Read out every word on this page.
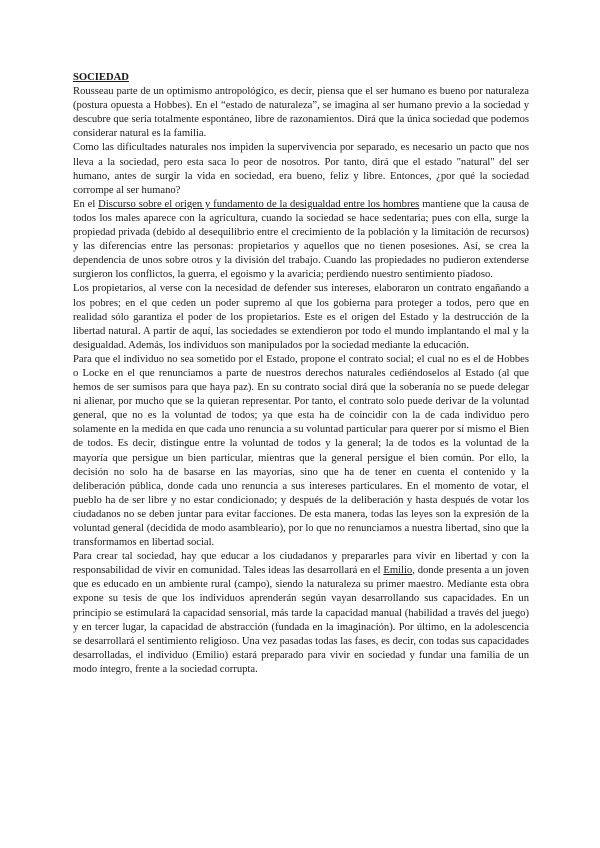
SOCIEDAD

Rousseau parte de un optimismo antropológico, es decir, piensa que el ser humano es bueno por naturaleza (postura opuesta a Hobbes). En el “estado de naturaleza”, se imagina al ser humano previo a la sociedad y descubre que sería totalmente espontáneo, libre de razonamientos. Dirá que la única sociedad que podemos considerar natural es la familia.

Como las dificultades naturales nos impiden la supervivencia por separado, es necesario un pacto que nos lleva a la sociedad, pero esta saca lo peor de nosotros. Por tanto, dirá que el estado "natural" del ser humano, antes de surgir la vida en sociedad, era bueno, feliz y libre. Entonces, ¿por qué la sociedad corrompe al ser humano?

En el Discurso sobre el origen y fundamento de la desigualdad entre los hombres mantiene que la causa de todos los males aparece con la agricultura, cuando la sociedad se hace sedentaria; pues con ella, surge la propiedad privada (debido al desequilibrio entre el crecimiento de la población y la limitación de recursos) y las diferencias entre las personas: propietarios y aquellos que no tienen posesiones. Así, se crea la dependencia de unos sobre otros y la división del trabajo. Cuando las propiedades no pudieron extenderse surgieron los conflictos, la guerra, el egoísmo y la avaricia; perdiendo nuestro sentimiento piadoso.

Los propietarios, al verse con la necesidad de defender sus intereses, elaboraron un contrato engañando a los pobres; en el que ceden un poder supremo al que los gobierna para proteger a todos, pero que en realidad sólo garantiza el poder de los propietarios. Este es el origen del Estado y la destrucción de la libertad natural. A partir de aquí, las sociedades se extendieron por todo el mundo implantando el mal y la desigualdad. Además, los individuos son manipulados por la sociedad mediante la educación.

Para que el individuo no sea sometido por el Estado, propone el contrato social; el cual no es el de Hobbes o Locke en el que renunciamos a parte de nuestros derechos naturales cediéndoselos al Estado (al que hemos de ser sumisos para que haya paz). En su contrato social dirá que la soberanía no se puede delegar ni alienar, por mucho que se la quieran representar. Por tanto, el contrato solo puede derivar de la voluntad general, que no es la voluntad de todos; ya que esta ha de coincidir con la de cada individuo pero solamente en la medida en que cada uno renuncia a su voluntad particular para querer por sí mismo el Bien de todos. Es decir, distingue entre la voluntad de todos y la general; la de todos es la voluntad de la mayoría que persigue un bien particular, mientras que la general persigue el bien común. Por ello, la decisión no solo ha de basarse en las mayorías, sino que ha de tener en cuenta el contenido y la deliberación pública, donde cada uno renuncia a sus intereses particulares. En el momento de votar, el pueblo ha de ser libre y no estar condicionado; y después de la deliberación y hasta después de votar los ciudadanos no se deben juntar para evitar facciones. De esta manera, todas las leyes son la expresión de la voluntad general (decidida de modo asambleario), por lo que no renunciamos a nuestra libertad, sino que la transformamos en libertad social.

Para crear tal sociedad, hay que educar a los ciudadanos y prepararles para vivir en libertad y con la responsabilidad de vivir en comunidad. Tales ideas las desarrollará en el Emilio, donde presenta a un joven que es educado en un ambiente rural (campo), siendo la naturaleza su primer maestro. Mediante esta obra expone su tesis de que los individuos aprenderán según vayan desarrollando sus capacidades. En un principio se estimulará la capacidad sensorial, más tarde la capacidad manual (habilidad a través del juego) y en tercer lugar, la capacidad de abstracción (fundada en la imaginación). Por último, en la adolescencia se desarrollará el sentimiento religioso. Una vez pasadas todas las fases, es decir, con todas sus capacidades desarrolladas, el individuo (Emilio) estará preparado para vivir en sociedad y fundar una familia de un modo íntegro, frente a la sociedad corrupta.
